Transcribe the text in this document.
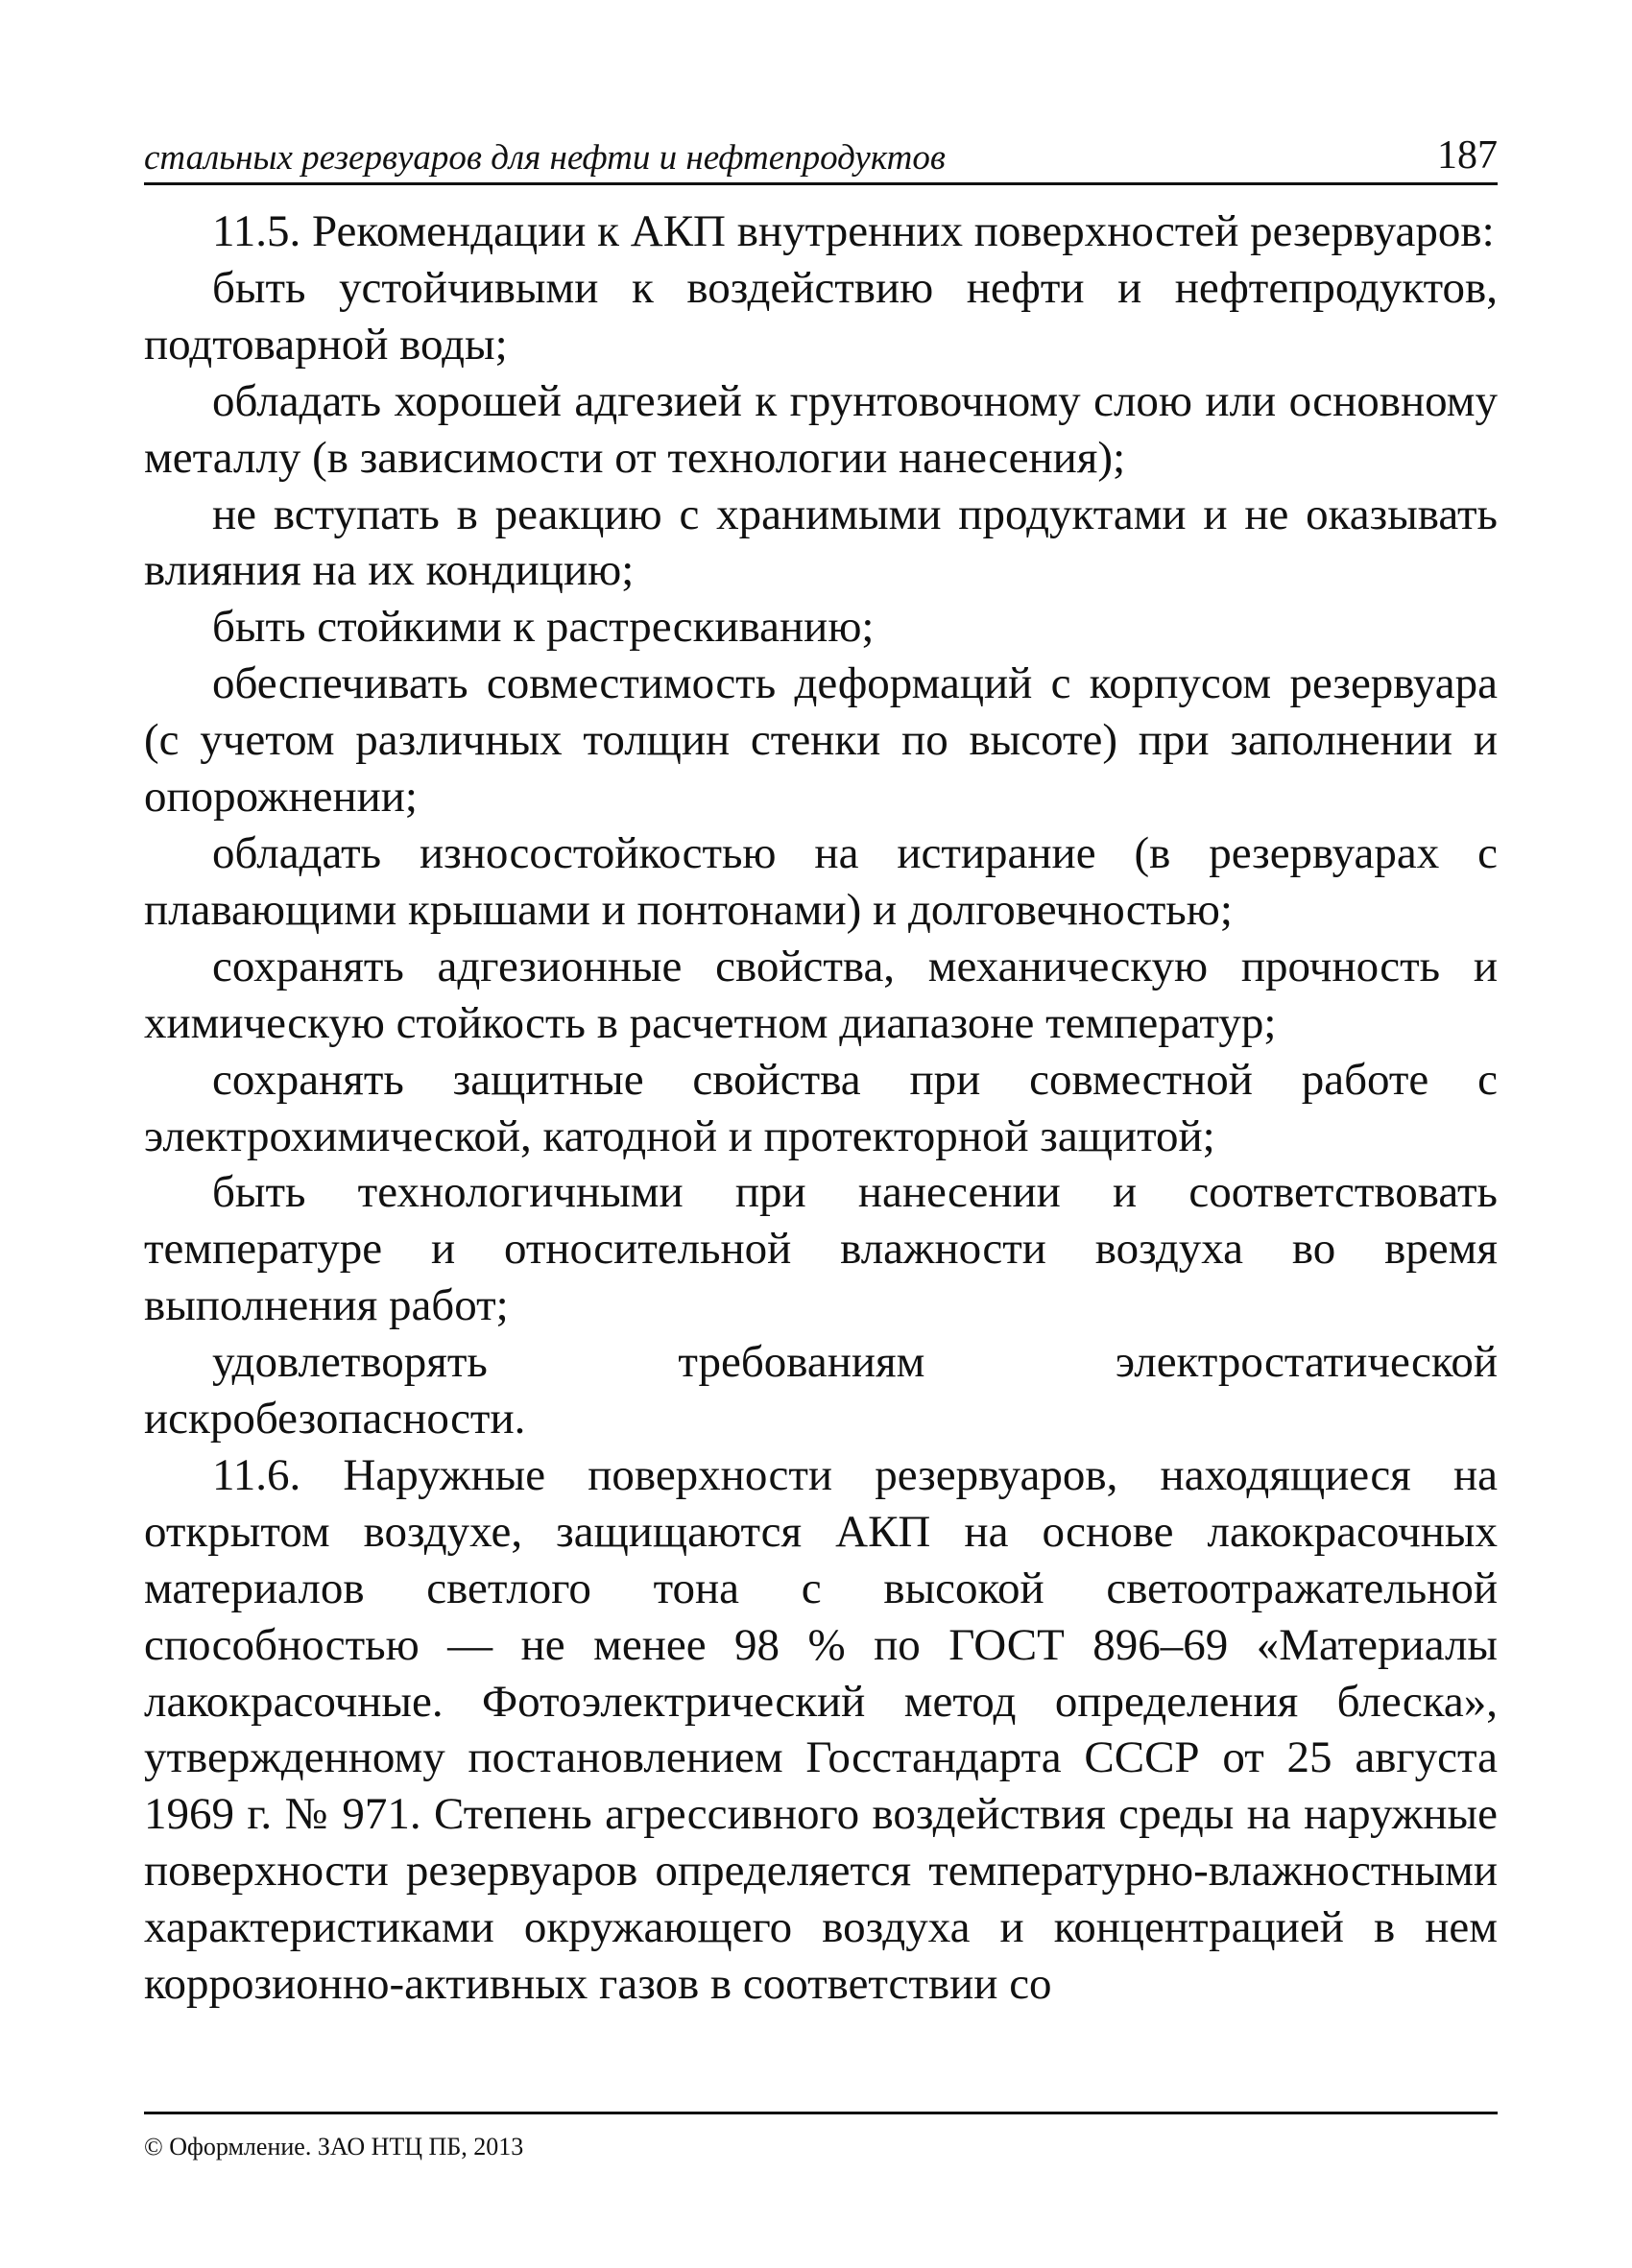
стальных резервуаров для нефти и нефтепродуктов	187

11.5. Рекомендации к АКП внутренних поверхностей резервуаров:

быть устойчивыми к воздействию нефти и нефтепродуктов, подтоварной воды;

обладать хорошей адгезией к грунтовочному слою или основному металлу (в зависимости от технологии нанесения);

не вступать в реакцию с хранимыми продуктами и не оказывать влияния на их кондицию;

быть стойкими к растрескиванию;

обеспечивать совместимость деформаций с корпусом резервуара (с учетом различных толщин стенки по высоте) при заполнении и опорожнении;

обладать износостойкостью на истирание (в резервуарах с плавающими крышами и понтонами) и долговечностью;

сохранять адгезионные свойства, механическую прочность и химическую стойкость в расчетном диапазоне температур;

сохранять защитные свойства при совместной работе с электрохимической, катодной и протекторной защитой;

быть технологичными при нанесении и соответствовать температуре и относительной влажности воздуха во время выполнения работ;

удовлетворять требованиям электростатической искробезопасности.

11.6. Наружные поверхности резервуаров, находящиеся на открытом воздухе, защищаются АКП на основе лакокрасочных материалов светлого тона с высокой светоотражательной способностью — не менее 98 % по ГОСТ 896–69 «Материалы лакокрасочные. Фотоэлектрический метод определения блеска», утвержденному постановлением Госстандарта СССР от 25 августа 1969 г. № 971. Степень агрессивного воздействия среды на наружные поверхности резервуаров определяется температурно-влажностными характеристиками окружающего воздуха и концентрацией в нем коррозионно-активных газов в соответствии со

© Оформление. ЗАО НТЦ ПБ, 2013
